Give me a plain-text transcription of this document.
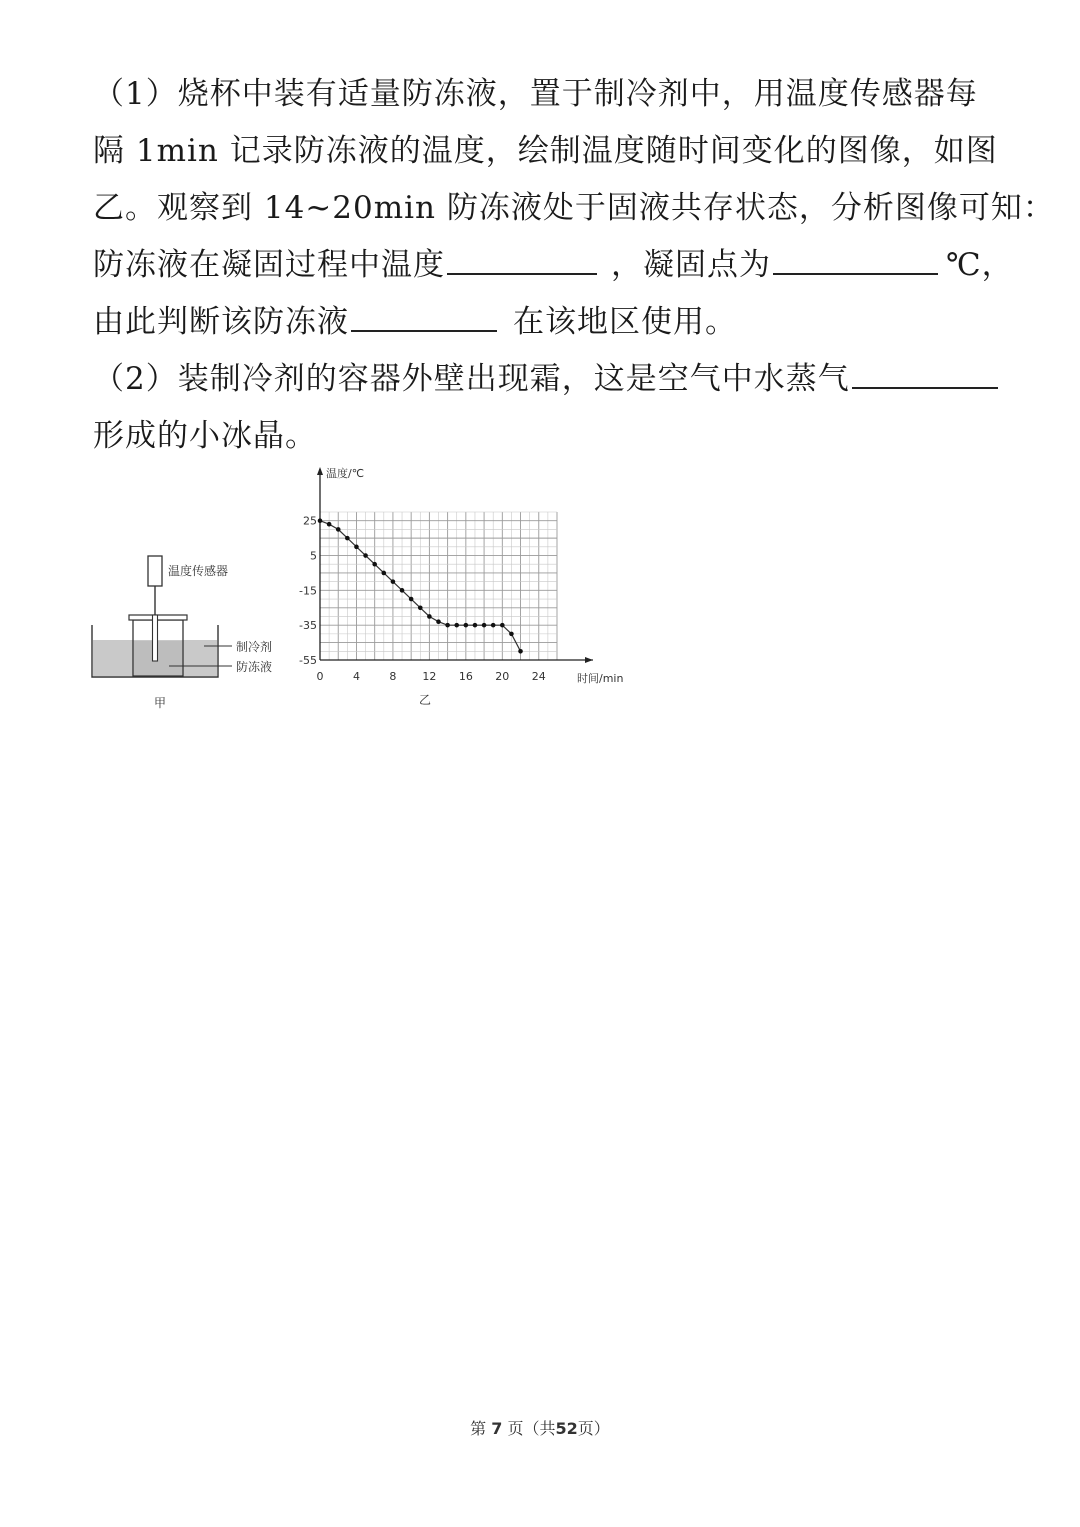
（1）烧杯中装有适量防冻液，置于制冷剂中，用温度传感器每
隔 1min 记录防冻液的温度，绘制温度随时间变化的图像，如图
乙。观察到 14~20min 防冻液处于固液共存状态，分析图像可知：
防冻液在凝固过程中温度	，凝固点为	℃，
由此判断该防冻液	在该地区使用。
（2）装制冷剂的容器外壁出现霜，这是空气中水蒸气
形成的小冰晶。
温度传感器
制冷剂
防冻液
甲
温度/℃
时间/min
0	4	8 12 16 20 24
25
5
-15
-35
-55
乙
第 7 页（共52页）
